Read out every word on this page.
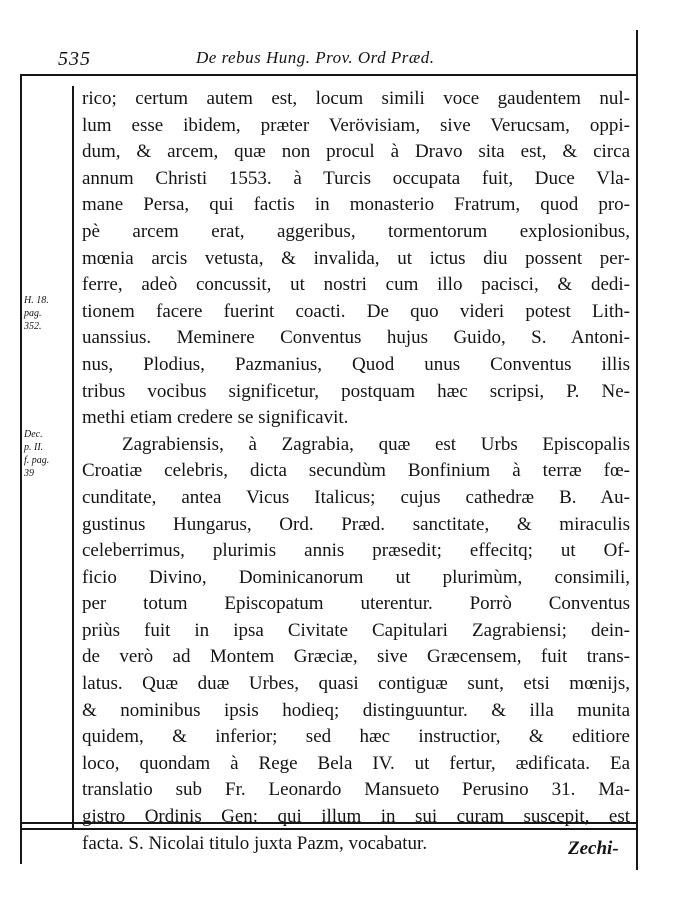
535	De rebus Hung. Prov. Ord Præd.
H. 18.
pag.
352.
Dec.
p. II.
f. pag.
39
rico; certum autem est, locum simili voce gaudentem nul-
lum esse ibidem, præter Verövisiam, sive Verucsam, oppi-
dum, & arcem, quæ non procul à Dravo sita est, & circa
annum Christi 1553. à Turcis occupata fuit, Duce Vla-
mane Persa, qui factis in monasterio Fratrum, quod pro-
pè arcem erat, aggeribus, tormentorum explosionibus,
mœnia arcis vetusta, & invalida, ut ictus diu possent per-
ferre, adeò concussit, ut nostri cum illo pacisci, & dedi-
tionem facere fuerint coacti. De quo videri potest Lith-
uanssius. Meminere Conventus hujus Guido, S. Antoni-
nus, Plodius, Pazmanius, Quod unus Conventus illis
tribus vocibus significetur, postquam hæc scripsi, P. Ne-
methi etiam credere se significavit.
Zagrabiensis, à Zagrabia, quæ est Urbs Episcopalis
Croatiæ celebris, dicta secundùm Bonfinium à terræ fœ-
cunditate, antea Vicus Italicus; cujus cathedræ B. Au-
gustinus Hungarus, Ord. Præd. sanctitate, & miraculis
celeberrimus, plurimis annis præsedit; effecitq; ut Of-
ficio Divino, Dominicanorum ut plurimùm, consimili,
per totum Episcopatum uterentur. Porrò Conventus
priùs fuit in ipsa Civitate Capitulari Zagrabiensi; dein-
de verò ad Montem Græciæ, sive Græcensem, fuit trans-
latus. Quæ duæ Urbes, quasi contiguæ sunt, etsi mœnijs,
& nominibus ipsis hodieq; distinguuntur. & illa munita
quidem, & inferior; sed hæc instructior, & editiore
loco, quondam à Rege Bela IV. ut fertur, ædificata. Ea
translatio sub Fr. Leonardo Mansueto Perusino 31. Ma-
gistro Ordinis Gen: qui illum in sui curam suscepit, est
facta. S. Nicolai titulo juxta Pazm, vocabatur.	Zechi-
